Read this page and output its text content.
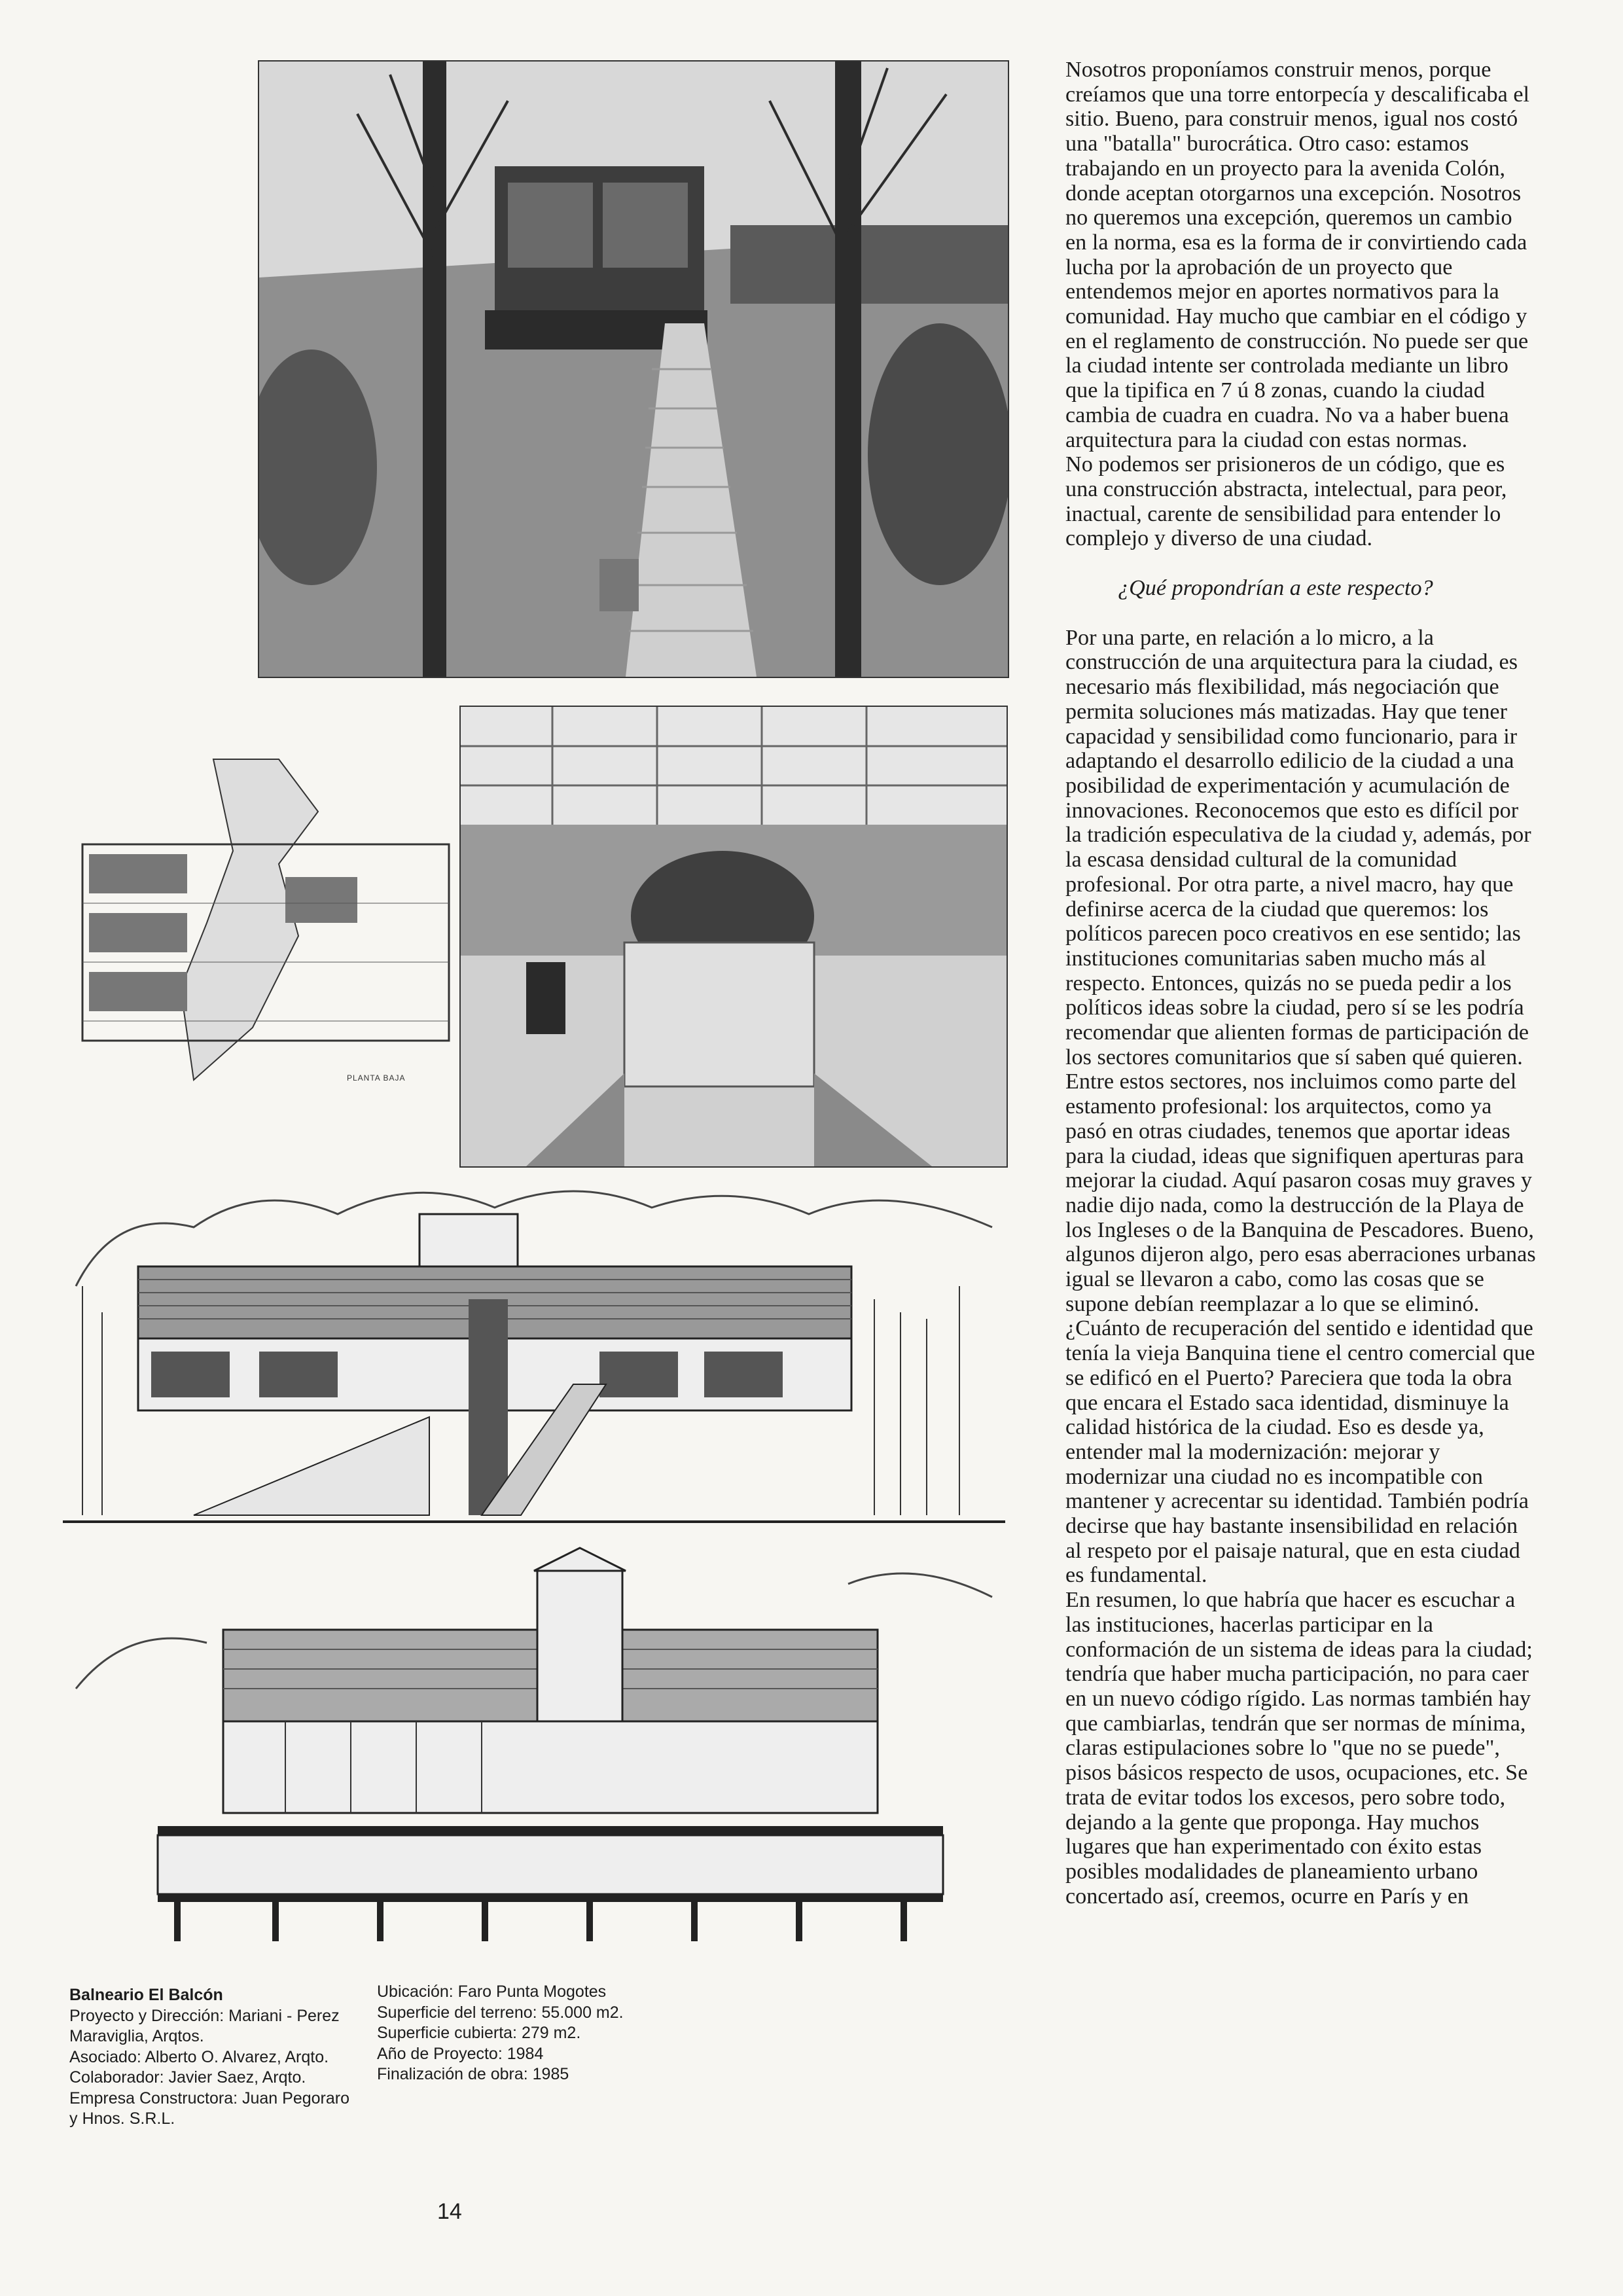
PLANTA BAJA
Balneario El Balcón
Proyecto y Dirección: Mariani - Perez
Maraviglia, Arqtos.
Asociado: Alberto O. Alvarez, Arqto.
Colaborador: Javier Saez, Arqto.
Empresa Constructora: Juan Pegoraro
y Hnos. S.R.L.
Ubicación: Faro Punta Mogotes
Superficie del terreno: 55.000 m2.
Superficie cubierta: 279 m2.
Año de Proyecto: 1984
Finalización de obra: 1985
14

Nosotros proponíamos construir menos, porque creíamos que una torre entorpecía y descalificaba el sitio. Bueno, para construir menos, igual nos costó una "batalla" burocrática. Otro caso: estamos trabajando en un proyecto para la avenida Colón, donde aceptan otorgarnos una excepción. Nosotros no queremos una excepción, queremos un cambio en la norma, esa es la forma de ir convirtiendo cada lucha por la aprobación de un proyecto que entendemos mejor en aportes normativos para la comunidad. Hay mucho que cambiar en el código y en el reglamento de construcción. No puede ser que la ciudad intente ser controlada mediante un libro que la tipifica en 7 ú 8 zonas, cuando la ciudad cambia de cuadra en cuadra. No va a haber buena arquitectura para la ciudad con estas normas.

No podemos ser prisioneros de un código, que es una construcción abstracta, intelectual, para peor, inactual, carente de sensibilidad para entender lo complejo y diverso de una ciudad.

¿Qué propondrían a este respecto?

Por una parte, en relación a lo micro, a la construcción de una arquitectura para la ciudad, es necesario más flexibilidad, más negociación que permita soluciones más matizadas. Hay que tener capacidad y sensibilidad como funcionario, para ir adaptando el desarrollo edilicio de la ciudad a una posibilidad de experimentación y acumulación de innovaciones. Reconocemos que esto es difícil por la tradición especulativa de la ciudad y, además, por la escasa densidad cultural de la comunidad profesional. Por otra parte, a nivel macro, hay que definirse acerca de la ciudad que queremos: los políticos parecen poco creativos en ese sentido; las instituciones comunitarias saben mucho más al respecto. Entonces, quizás no se pueda pedir a los políticos ideas sobre la ciudad, pero sí se les podría recomendar que alienten formas de participación de los sectores comunitarios que sí saben qué quieren. Entre estos sectores, nos incluimos como parte del estamento profesional: los arquitectos, como ya pasó en otras ciudades, tenemos que aportar ideas para la ciudad, ideas que signifiquen aperturas para mejorar la ciudad. Aquí pasaron cosas muy graves y nadie dijo nada, como la destrucción de la Playa de los Ingleses o de la Banquina de Pescadores. Bueno, algunos dijeron algo, pero esas aberraciones urbanas igual se llevaron a cabo, como las cosas que se supone debían reemplazar a lo que se eliminó. ¿Cuánto de recuperación del sentido e identidad que tenía la vieja Banquina tiene el centro comercial que se edificó en el Puerto? Pareciera que toda la obra que encara el Estado saca identidad, disminuye la calidad histórica de la ciudad. Eso es desde ya, entender mal la modernización: mejorar y modernizar una ciudad no es incompatible con mantener y acrecentar su identidad. También podría decirse que hay bastante insensibilidad en relación al respeto por el paisaje natural, que en esta ciudad es fundamental.

En resumen, lo que habría que hacer es escuchar a las instituciones, hacerlas participar en la conformación de un sistema de ideas para la ciudad; tendría que haber mucha participación, no para caer en un nuevo código rígido. Las normas también hay que cambiarlas, tendrán que ser normas de mínima, claras estipulaciones sobre lo "que no se puede", pisos básicos respecto de usos, ocupaciones, etc. Se trata de evitar todos los excesos, pero sobre todo, dejando a la gente que proponga. Hay muchos lugares que han experimentado con éxito estas posibles modalidades de planeamiento urbano concertado así, creemos, ocurre en París y en
